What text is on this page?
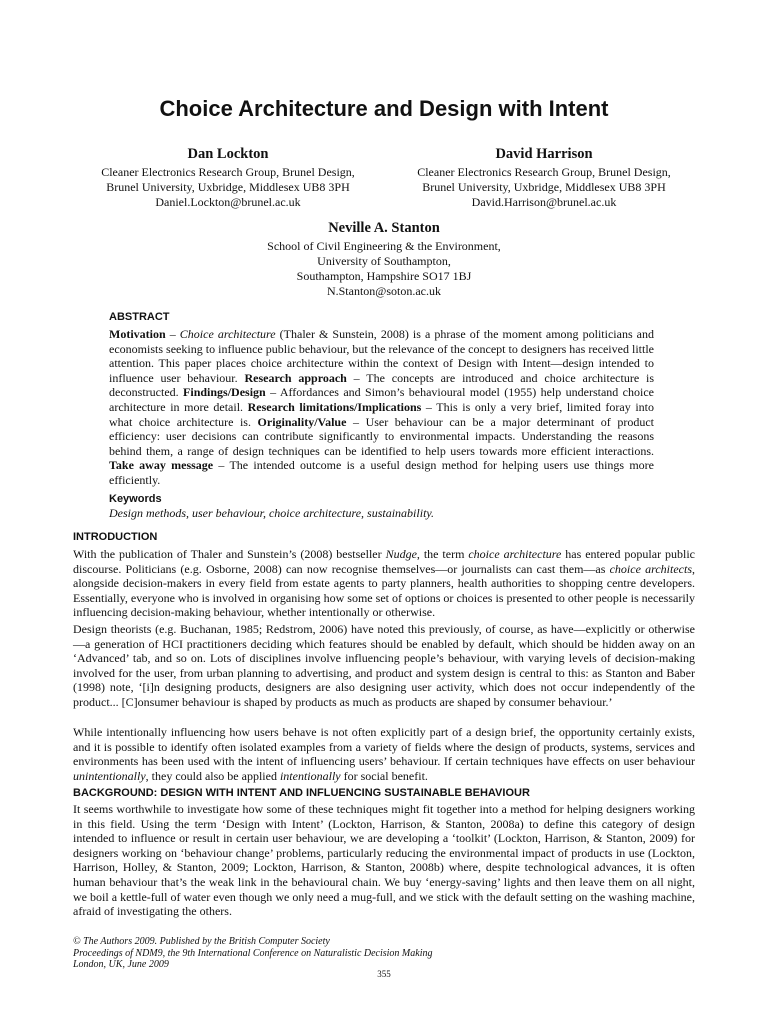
Choice Architecture and Design with Intent
Dan Lockton
Cleaner Electronics Research Group, Brunel Design,
Brunel University, Uxbridge, Middlesex UB8 3PH
Daniel.Lockton@brunel.ac.uk
David Harrison
Cleaner Electronics Research Group, Brunel Design,
Brunel University, Uxbridge, Middlesex UB8 3PH
David.Harrison@brunel.ac.uk
Neville A. Stanton
School of Civil Engineering & the Environment,
University of Southampton,
Southampton, Hampshire SO17 1BJ
N.Stanton@soton.ac.uk
ABSTRACT
Motivation – Choice architecture (Thaler & Sunstein, 2008) is a phrase of the moment among politicians and economists seeking to influence public behaviour, but the relevance of the concept to designers has received little attention. This paper places choice architecture within the context of Design with Intent—design intended to influence user behaviour. Research approach – The concepts are introduced and choice architecture is deconstructed. Findings/Design – Affordances and Simon’s behavioural model (1955) help understand choice architecture in more detail. Research limitations/Implications – This is only a very brief, limited foray into what choice architecture is. Originality/Value – User behaviour can be a major determinant of product efficiency: user decisions can contribute significantly to environmental impacts. Understanding the reasons behind them, a range of design techniques can be identified to help users towards more efficient interactions. Take away message – The intended outcome is a useful design method for helping users use things more efficiently.
Keywords
Design methods, user behaviour, choice architecture, sustainability.
INTRODUCTION
With the publication of Thaler and Sunstein’s (2008) bestseller Nudge, the term choice architecture has entered popular public discourse. Politicians (e.g. Osborne, 2008) can now recognise themselves—or journalists can cast them—as choice architects, alongside decision-makers in every field from estate agents to party planners, health authorities to shopping centre developers. Essentially, everyone who is involved in organising how some set of options or choices is presented to other people is necessarily influencing decision-making behaviour, whether intentionally or otherwise.
Design theorists (e.g. Buchanan, 1985; Redstrom, 2006) have noted this previously, of course, as have—explicitly or otherwise—a generation of HCI practitioners deciding which features should be enabled by default, which should be hidden away on an ‘Advanced’ tab, and so on. Lots of disciplines involve influencing people’s behaviour, with varying levels of decision-making involved for the user, from urban planning to advertising, and product and system design is central to this: as Stanton and Baber (1998) note, ‘[i]n designing products, designers are also designing user activity, which does not occur independently of the product... [C]onsumer behaviour is shaped by products as much as products are shaped by consumer behaviour.’
While intentionally influencing how users behave is not often explicitly part of a design brief, the opportunity certainly exists, and it is possible to identify often isolated examples from a variety of fields where the design of products, systems, services and environments has been used with the intent of influencing users’ behaviour. If certain techniques have effects on user behaviour unintentionally, they could also be applied intentionally for social benefit.
BACKGROUND: DESIGN WITH INTENT AND INFLUENCING SUSTAINABLE BEHAVIOUR
It seems worthwhile to investigate how some of these techniques might fit together into a method for helping designers working in this field. Using the term ‘Design with Intent’ (Lockton, Harrison, & Stanton, 2008a) to define this category of design intended to influence or result in certain user behaviour, we are developing a ‘toolkit’ (Lockton, Harrison, & Stanton, 2009) for designers working on ‘behaviour change’ problems, particularly reducing the environmental impact of products in use (Lockton, Harrison, Holley, & Stanton, 2009; Lockton, Harrison, & Stanton, 2008b) where, despite technological advances, it is often human behaviour that’s the weak link in the behavioural chain. We buy ‘energy-saving’ lights and then leave them on all night, we boil a kettle-full of water even though we only need a mug-full, and we stick with the default setting on the washing machine, afraid of investigating the others.
© The Authors 2009. Published by the British Computer Society
Proceedings of NDM9, the 9th International Conference on Naturalistic Decision Making
London, UK, June 2009
355
